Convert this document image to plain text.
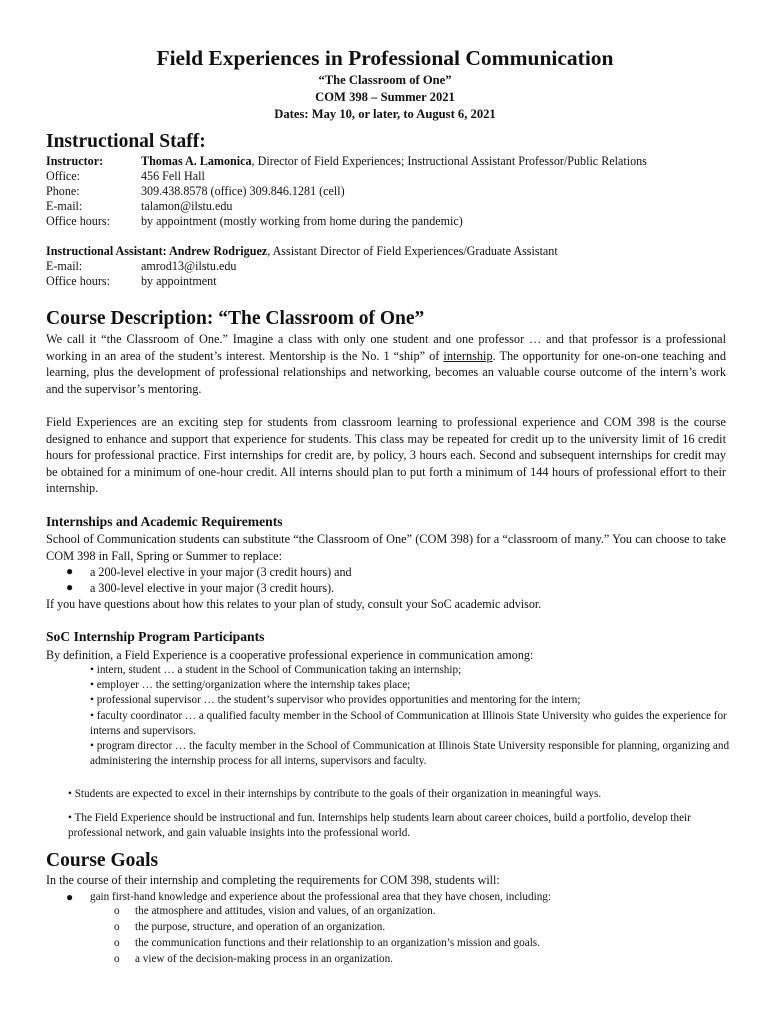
Field Experiences in Professional Communication
“The Classroom of One”
COM 398 – Summer 2021
Dates: May 10, or later, to August 6, 2021
Instructional Staff:
Instructor:	Thomas A. Lamonica, Director of Field Experiences; Instructional Assistant Professor/Public Relations
Office:	456 Fell Hall
Phone:	309.438.8578 (office) 309.846.1281 (cell)
E-mail:	talamon@ilstu.edu
Office hours:	by appointment (mostly working from home during the pandemic)
Instructional Assistant: Andrew Rodriguez, Assistant Director of Field Experiences/Graduate Assistant
E-mail:	amrod13@ilstu.edu
Office hours:	by appointment
Course Description: “The Classroom of One”
We call it “the Classroom of One.” Imagine a class with only one student and one professor … and that professor is a professional working in an area of the student’s interest. Mentorship is the No. 1 “ship” of internship. The opportunity for one-on-one teaching and learning, plus the development of professional relationships and networking, becomes an valuable course outcome of the intern’s work and the supervisor’s mentoring.
Field Experiences are an exciting step for students from classroom learning to professional experience and COM 398 is the course designed to enhance and support that experience for students. This class may be repeated for credit up to the university limit of 16 credit hours for professional practice. First internships for credit are, by policy, 3 hours each. Second and subsequent internships for credit may be obtained for a minimum of one-hour credit. All interns should plan to put forth a minimum of 144 hours of professional effort to their internship.
Internships and Academic Requirements
School of Communication students can substitute “the Classroom of One” (COM 398) for a “classroom of many.” You can choose to take COM 398 in Fall, Spring or Summer to replace:
● a 200-level elective in your major (3 credit hours) and
● a 300-level elective in your major (3 credit hours).
If you have questions about how this relates to your plan of study, consult your SoC academic advisor.
SoC Internship Program Participants
By definition, a Field Experience is a cooperative professional experience in communication among:
• intern, student … a student in the School of Communication taking an internship;
• employer … the setting/organization where the internship takes place;
• professional supervisor … the student’s supervisor who provides opportunities and mentoring for the intern;
• faculty coordinator … a qualified faculty member in the School of Communication at Illinois State University who guides the experience for interns and supervisors.
• program director … the faculty member in the School of Communication at Illinois State University responsible for planning, organizing and administering the internship process for all interns, supervisors and faculty.
• Students are expected to excel in their internships by contribute to the goals of their organization in meaningful ways.
• The Field Experience should be instructional and fun. Internships help students learn about career choices, build a portfolio, develop their professional network, and gain valuable insights into the professional world.
Course Goals
In the course of their internship and completing the requirements for COM 398, students will:
● gain first-hand knowledge and experience about the professional area that they have chosen, including:
o the atmosphere and attitudes, vision and values, of an organization.
o the purpose, structure, and operation of an organization.
o the communication functions and their relationship to an organization’s mission and goals.
o a view of the decision-making process in an organization.
